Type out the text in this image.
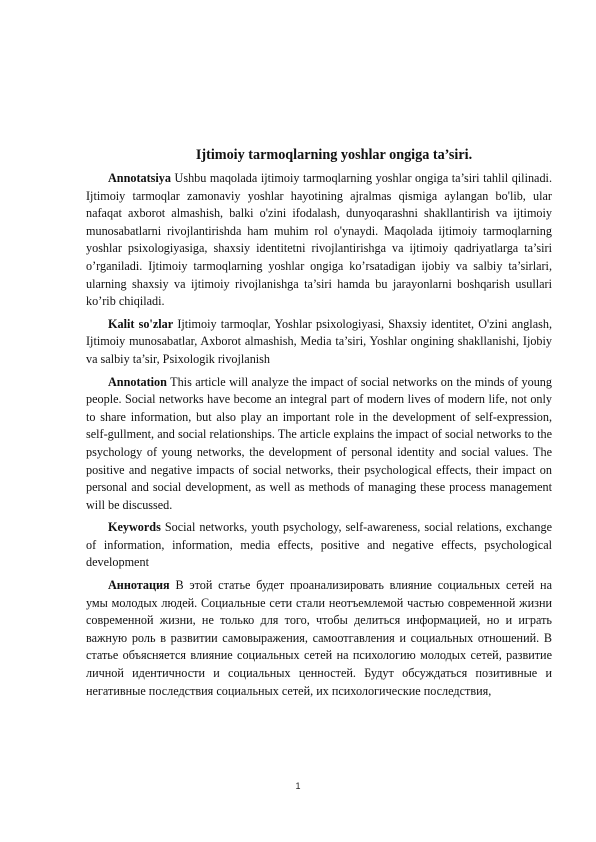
Ijtimoiy tarmoqlarning yoshlar ongiga ta’siri.

Annotatsiya Ushbu maqolada ijtimoiy tarmoqlarning yoshlar ongiga ta’siri tahlil qilinadi. Ijtimoiy tarmoqlar zamonaviy yoshlar hayotining ajralmas qismiga aylangan bo'lib, ular nafaqat axborot almashish, balki o'zini ifodalash, dunyoqarashni shakllantirish va ijtimoiy munosabatlarni rivojlantirishda ham muhim rol o'ynaydi. Maqolada ijtimoiy tarmoqlarning yoshlar psixologiyasiga, shaxsiy identitetni rivojlantirishga va ijtimoiy qadriyatlarga ta’siri o’rganiladi. Ijtimoiy tarmoqlarning yoshlar ongiga ko’rsatadigan ijobiy va salbiy ta’sirlari, ularning shaxsiy va ijtimoiy rivojlanishga ta’siri hamda bu jarayonlarni boshqarish usullari ko’rib chiqiladi.

Kalit so'zlar Ijtimoiy tarmoqlar, Yoshlar psixologiyasi, Shaxsiy identitet, O'zini anglash, Ijtimoiy munosabatlar, Axborot almashish, Media ta’siri, Yoshlar ongining shakllanishi, Ijobiy va salbiy ta’sir, Psixologik rivojlanish

Annotation This article will analyze the impact of social networks on the minds of young people. Social networks have become an integral part of modern lives of modern life, not only to share information, but also play an important role in the development of self-expression, self-gullment, and social relationships. The article explains the impact of social networks to the psychology of young networks, the development of personal identity and social values. The positive and negative impacts of social networks, their psychological effects, their impact on personal and social development, as well as methods of managing these process management will be discussed.

Keywords Social networks, youth psychology, self-awareness, social relations, exchange of information, information, media effects, positive and negative effects, psychological development

Аннотация В этой статье будет проанализировать влияние социальных сетей на умы молодых людей. Социальные сети стали неотъемлемой частью современной жизни современной жизни, не только для того, чтобы делиться информацией, но и играть важную роль в развитии самовыражения, самоотгавления и социальных отношений. В статье объясняется влияние социальных сетей на психологию молодых сетей, развитие личной идентичности и социальных ценностей. Будут обсуждаться позитивные и негативные последствия социальных сетей, их психологические последствия,

1
